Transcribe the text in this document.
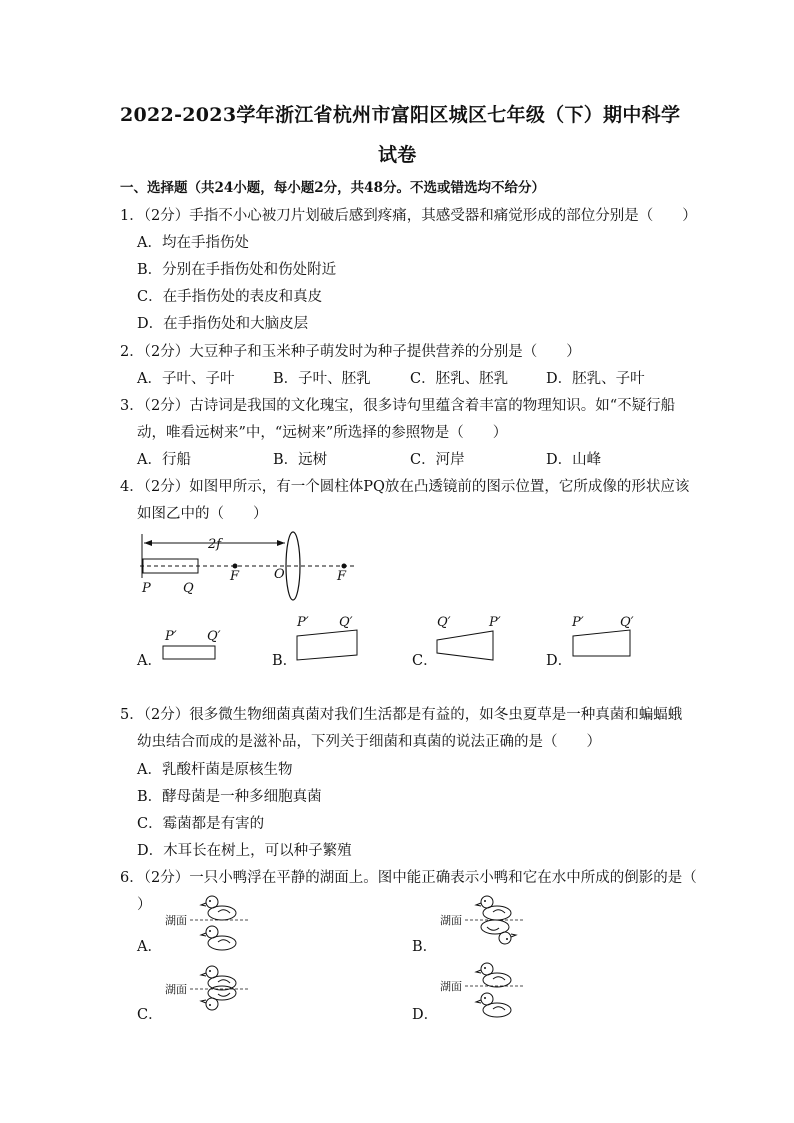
2022-2023学年浙江省杭州市富阳区城区七年级（下）期中科学
试卷
一、选择题（共24小题，每小题2分，共48分。不选或错选均不给分）
1．（2分）手指不小心被刀片划破后感到疼痛，其感受器和痛觉形成的部位分别是（　　）
A．均在手指伤处
B．分别在手指伤处和伤处附近
C．在手指伤处的表皮和真皮
D．在手指伤处和大脑皮层
2．（2分）大豆种子和玉米种子萌发时为种子提供营养的分别是（　　）
A．子叶、子叶	B．子叶、胚乳	C．胚乳、胚乳	D．胚乳、子叶
3．（2分）古诗词是我国的文化瑰宝，很多诗句里蕴含着丰富的物理知识。如“不疑行船
动，唯看远树来”中，“远树来”所选择的参照物是（　　）
A．行船	B．远树	C．河岸	D．山峰
4．（2分）如图甲所示，有一个圆柱体PQ放在凸透镜前的图示位置，它所成像的形状应该
如图乙中的（　　）
2f
P Q
F	O	F
P′ Q′
P′ Q′	Q′	P′	P′	Q′
A．	B．	C．	D．
5．（2分）很多微生物细菌真菌对我们生活都是有益的，如冬虫夏草是一种真菌和蝙蝠蛾
幼虫结合而成的是滋补品，下列关于细菌和真菌的说法正确的是（　　）
A．乳酸杆菌是原核生物
B．酵母菌是一种多细胞真菌
C．霉菌都是有害的
D．木耳长在树上，可以种子繁殖
6．（2分）一只小鸭浮在平静的湖面上。图中能正确表示小鸭和它在水中所成的倒影的是（
）
湖面	湖面
湖面	湖面
A．	B．
C．	D．
